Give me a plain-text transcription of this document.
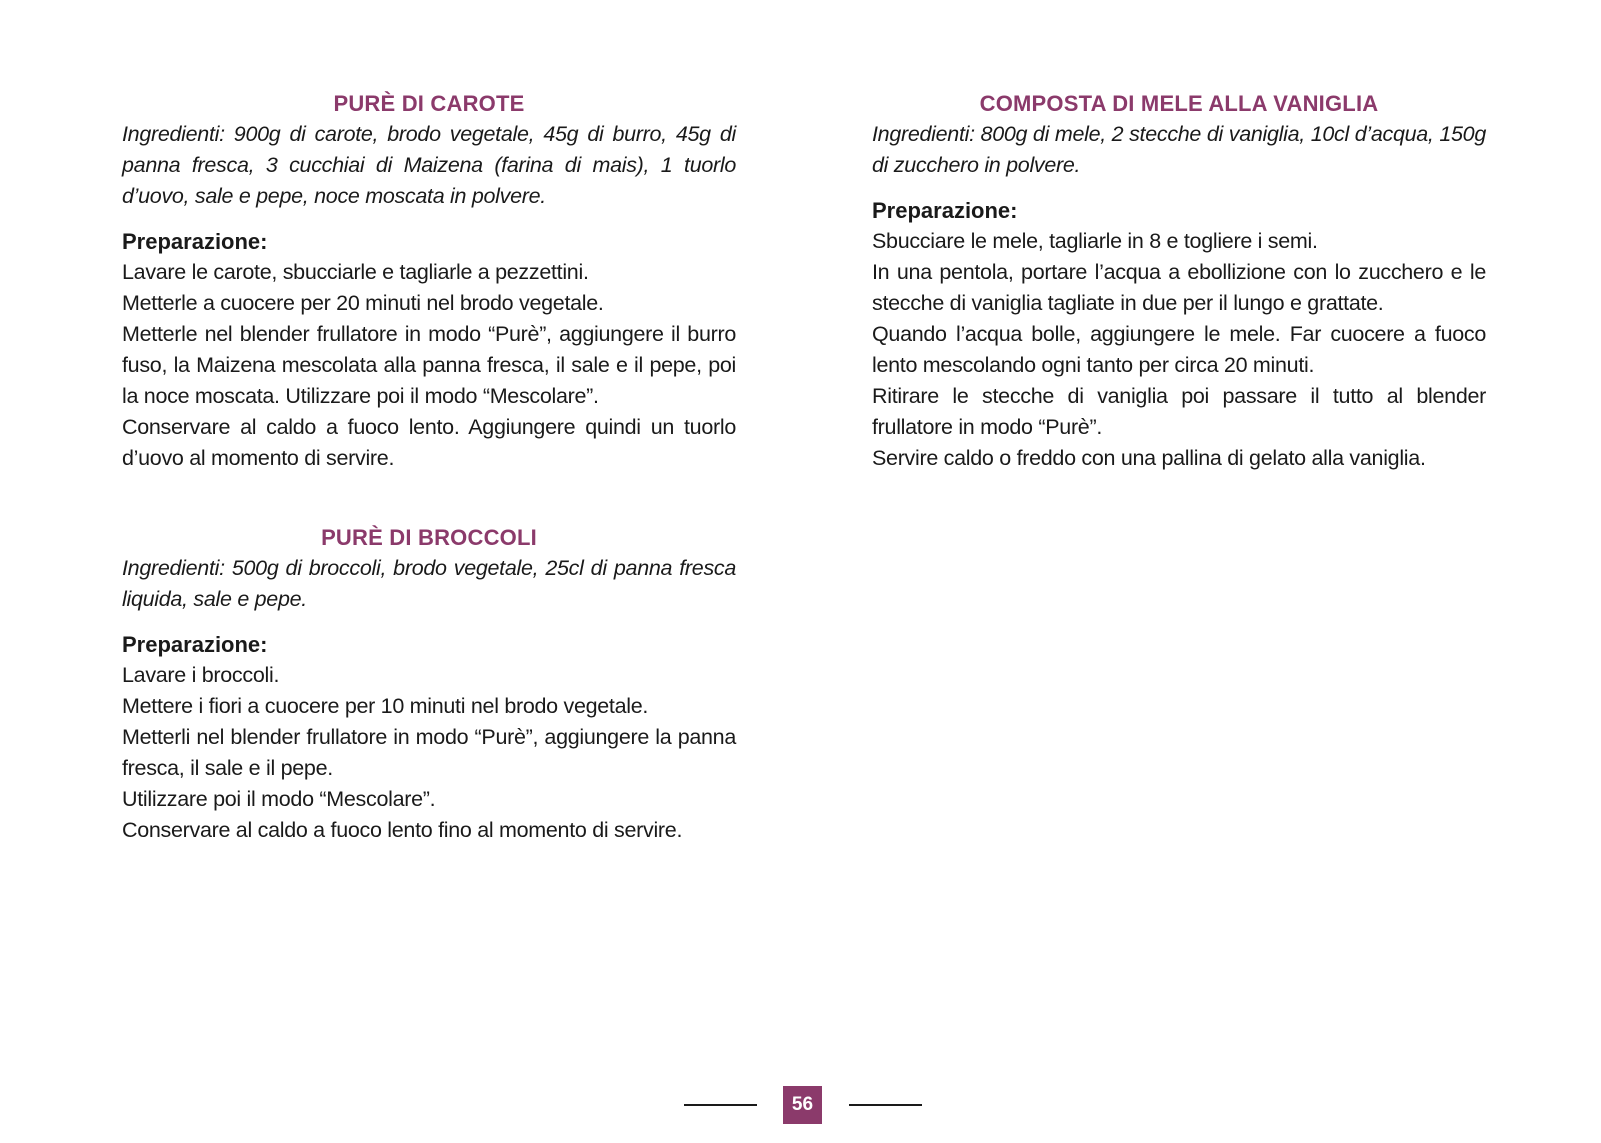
PURÈ DI CAROTE

Ingredienti: 900g di carote, brodo vegetale, 45g di burro, 45g di panna fresca, 3 cucchiai di Maizena (farina di mais), 1 tuorlo d’uovo, sale e pepe, noce moscata in polvere.

Preparazione:

Lavare le carote, sbucciarle e tagliarle a pezzettini.

Metterle a cuocere per 20 minuti nel brodo vegetale.

Metterle nel blender frullatore in modo “Purè”, aggiungere il burro fuso, la Maizena mescolata alla panna fresca, il sale e il pepe, poi la noce moscata. Utilizzare poi il modo “Mescolare”.

Conservare al caldo a fuoco lento. Aggiungere quindi un tuorlo d’uovo al momento di servire.

PURÈ DI BROCCOLI

Ingredienti: 500g di broccoli, brodo vegetale, 25cl di panna fresca liquida, sale e pepe.

Preparazione:

Lavare i broccoli.

Mettere i fiori a cuocere per 10 minuti nel brodo vegetale.

Metterli nel blender frullatore in modo “Purè”, aggiungere la panna fresca, il sale e il pepe.

Utilizzare poi il modo “Mescolare”.

Conservare al caldo a fuoco lento fino al momento di servire.

COMPOSTA DI MELE ALLA VANIGLIA

Ingredienti: 800g di mele, 2 stecche di vaniglia, 10cl d’acqua, 150g di zucchero in polvere.

Preparazione:

Sbucciare le mele, tagliarle in 8 e togliere i semi.

In una pentola, portare l’acqua a ebollizione con lo zucchero e le stecche di vaniglia tagliate in due per il lungo e grattate.

Quando l’acqua bolle, aggiungere le mele. Far cuocere a fuoco lento mescolando ogni tanto per circa 20 minuti.

Ritirare le stecche di vaniglia poi passare il tutto al blender frullatore in modo “Purè”.

Servire caldo o freddo con una pallina di gelato alla vaniglia.

56
